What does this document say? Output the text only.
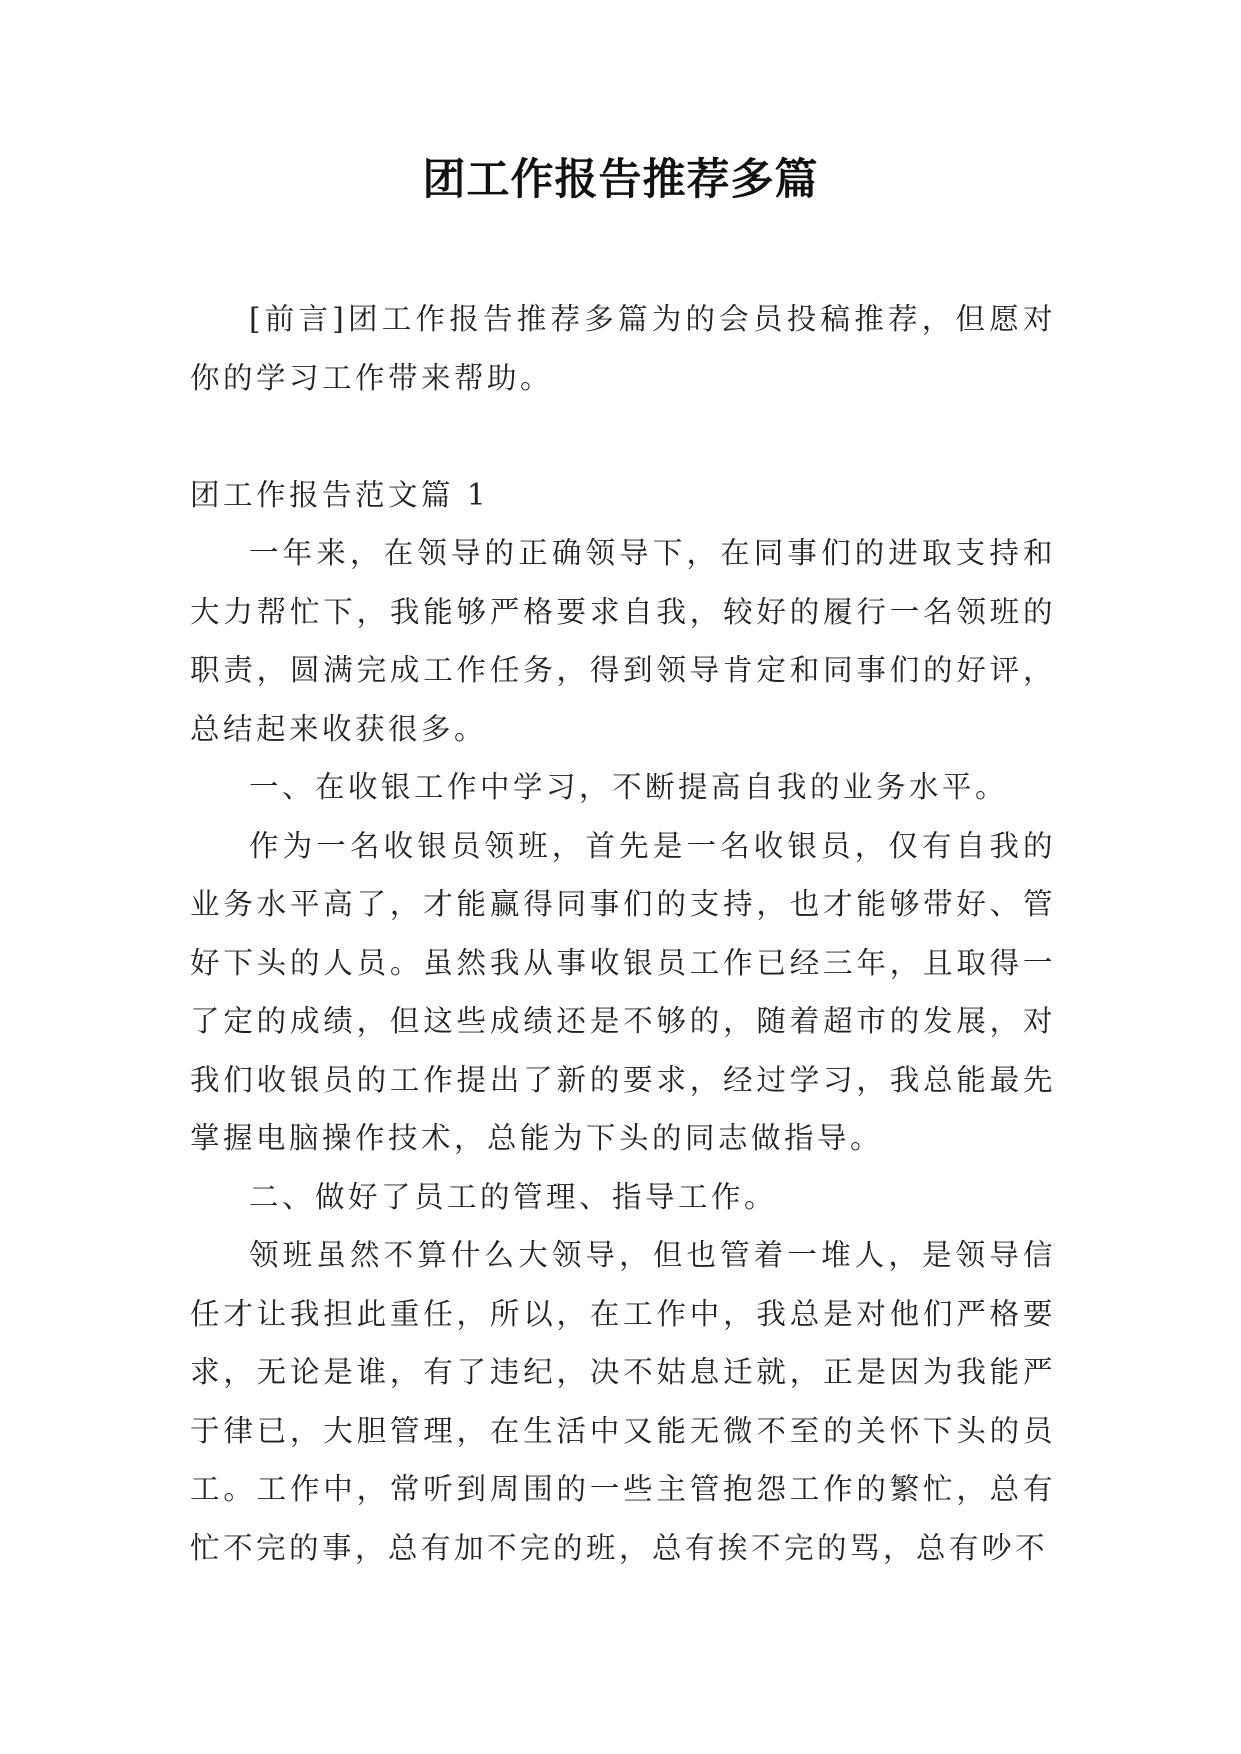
团工作报告推荐多篇

[前言]团工作报告推荐多篇为的会员投稿推荐，但愿对你的学习工作带来帮助。

团工作报告范文篇 1

一年来，在领导的正确领导下，在同事们的进取支持和大力帮忙下，我能够严格要求自我，较好的履行一名领班的职责，圆满完成工作任务，得到领导肯定和同事们的好评，总结起来收获很多。

一、在收银工作中学习，不断提高自我的业务水平。

作为一名收银员领班，首先是一名收银员，仅有自我的业务水平高了，才能赢得同事们的支持，也才能够带好、管好下头的人员。虽然我从事收银员工作已经三年，且取得一了定的成绩，但这些成绩还是不够的，随着超市的发展，对我们收银员的工作提出了新的要求，经过学习，我总能最先掌握电脑操作技术，总能为下头的同志做指导。

二、做好了员工的管理、指导工作。

领班虽然不算什么大领导，但也管着一堆人，是领导信任才让我担此重任，所以，在工作中，我总是对他们严格要求，无论是谁，有了违纪，决不姑息迁就，正是因为我能严于律已，大胆管理，在生活中又能无微不至的关怀下头的员工。工作中，常听到周围的一些主管抱怨工作的繁忙，总有忙不完的事，总有加不完的班，总有挨不完的骂，总有吵不
